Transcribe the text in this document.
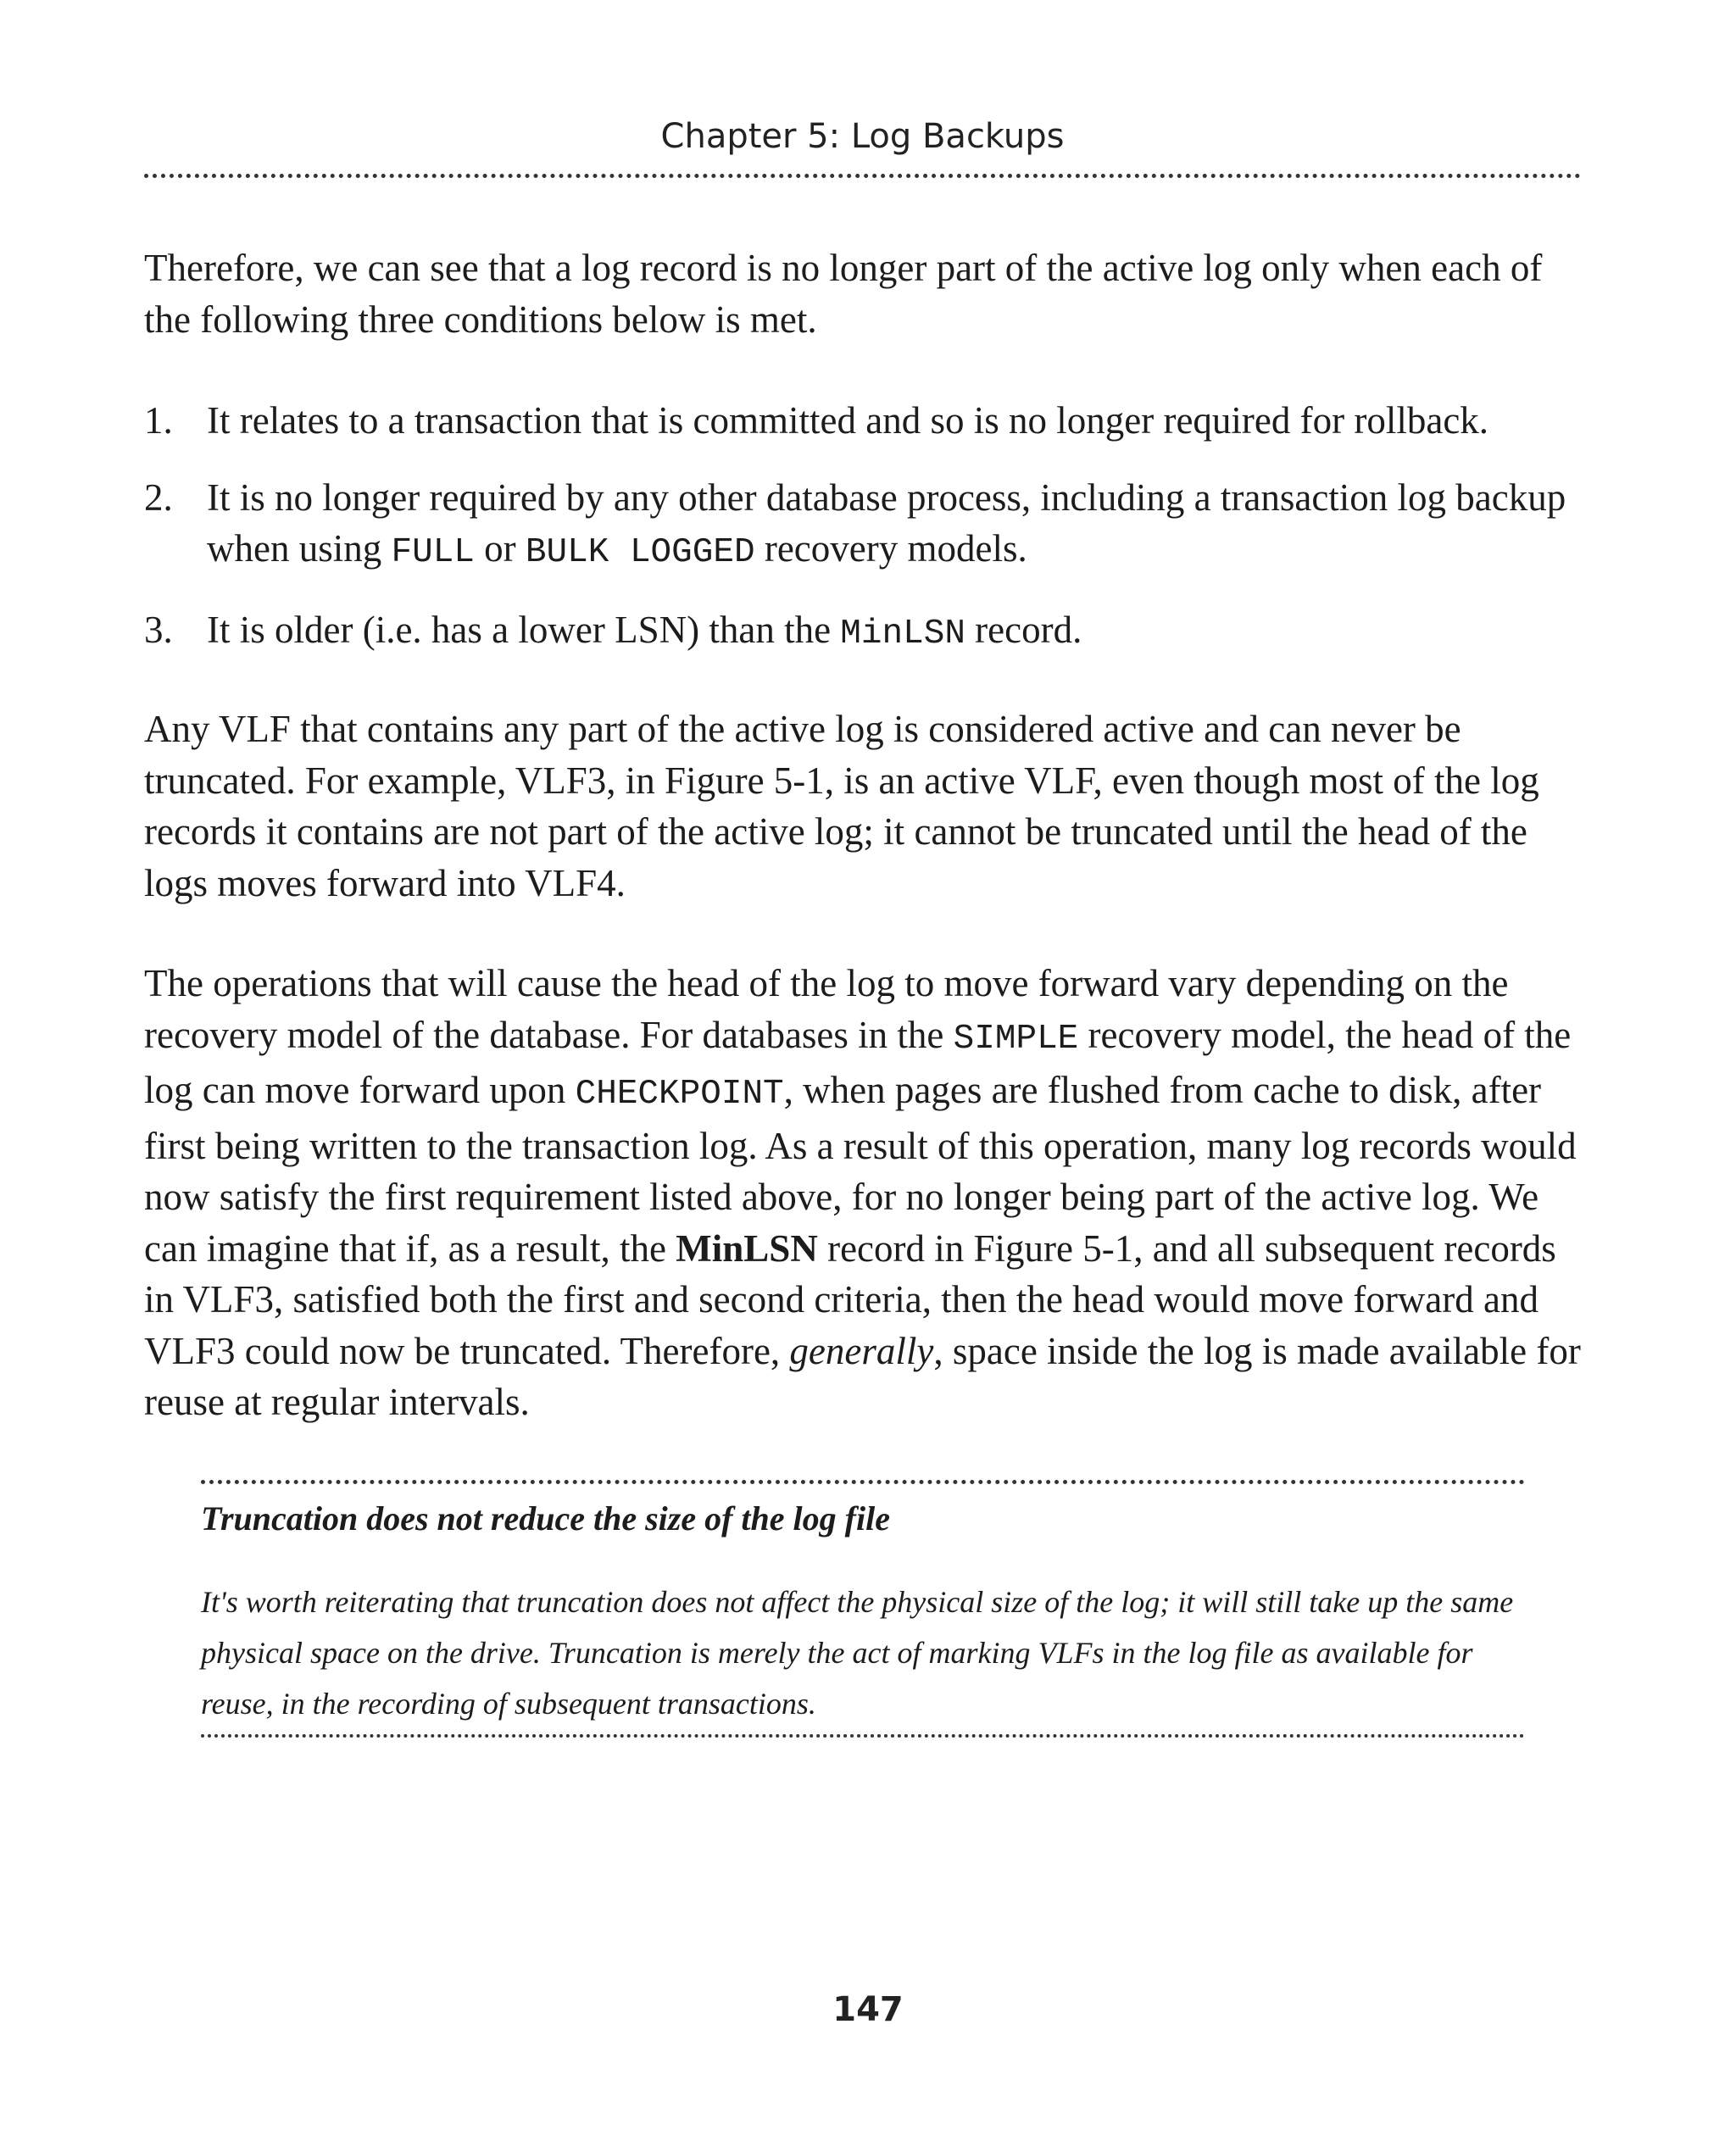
Chapter 5: Log Backups

Therefore, we can see that a log record is no longer part of the active log only when each of the following three conditions below is met.

1. It relates to a transaction that is committed and so is no longer required for rollback.
2. It is no longer required by any other database process, including a transaction log backup when using FULL or BULK LOGGED recovery models.
3. It is older (i.e. has a lower LSN) than the MinLSN record.

Any VLF that contains any part of the active log is considered active and can never be truncated. For example, VLF3, in Figure 5-1, is an active VLF, even though most of the log records it contains are not part of the active log; it cannot be truncated until the head of the logs moves forward into VLF4.

The operations that will cause the head of the log to move forward vary depending on the recovery model of the database. For databases in the SIMPLE recovery model, the head of the log can move forward upon CHECKPOINT, when pages are flushed from cache to disk, after first being written to the transaction log. As a result of this operation, many log records would now satisfy the first requirement listed above, for no longer being part of the active log. We can imagine that if, as a result, the MinLSN record in Figure 5-1, and all subsequent records in VLF3, satisfied both the first and second criteria, then the head would move forward and VLF3 could now be truncated. Therefore, generally, space inside the log is made available for reuse at regular intervals.

Truncation does not reduce the size of the log file

It's worth reiterating that truncation does not affect the physical size of the log; it will still take up the same physical space on the drive. Truncation is merely the act of marking VLFs in the log file as available for reuse, in the recording of subsequent transactions.

147
